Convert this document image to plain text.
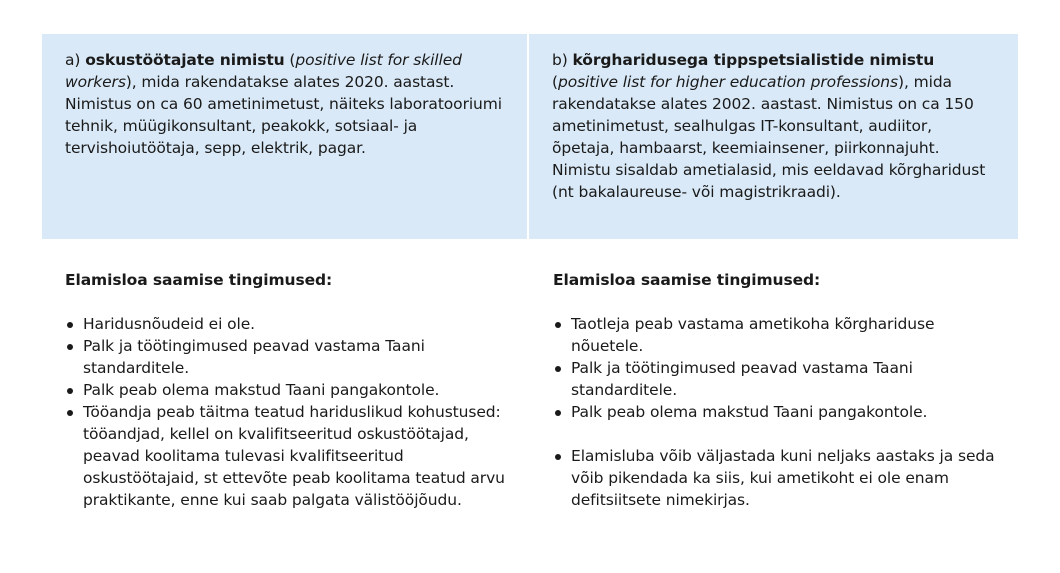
a) oskustöötajate nimistu (positive list for skilled workers), mida rakendatakse alates 2020. aastast. Nimistus on ca 60 ametinimetust, näiteks laboratooriumi tehnik, müügikonsultant, peakokk, sotsiaal- ja tervishoiutöötaja, sepp, elektrik, pagar.
b) kõrgharidusega tippspetsialistide nimistu (positive list for higher education professions), mida rakendatakse alates 2002. aastast. Nimistus on ca 150 ametinimetust, sealhulgas IT-konsultant, audiitor, õpetaja, hambaarst, keemiainsener, piirkonnajuht. Nimistu sisaldab ametialasid, mis eeldavad kõrgharidust (nt bakalaureuse- või magistrikraadi).

Elamisloa saamise tingimused:

Haridusnõudeid ei ole.
Palk ja töötingimused peavad vastama Taani standarditele.
Palk peab olema makstud Taani pangakontole.
Tööandja peab täitma teatud hariduslikud kohustused: tööandjad, kellel on kvalifitseeritud oskustöötajad, peavad koolitama tulevasi kvalifitseeritud oskustöötajaid, st ettevõte peab koolitama teatud arvu praktikante, enne kui saab palgata välistööjõudu.

Elamisloa saamise tingimused:

Taotleja peab vastama ametikoha kõrghariduse nõuetele.
Palk ja töötingimused peavad vastama Taani standarditele.
Palk peab olema makstud Taani pangakontole.
Elamisluba võib väljastada kuni neljaks aastaks ja seda võib pikendada ka siis, kui ametikoht ei ole enam defitsiitsete nimekirjas.
